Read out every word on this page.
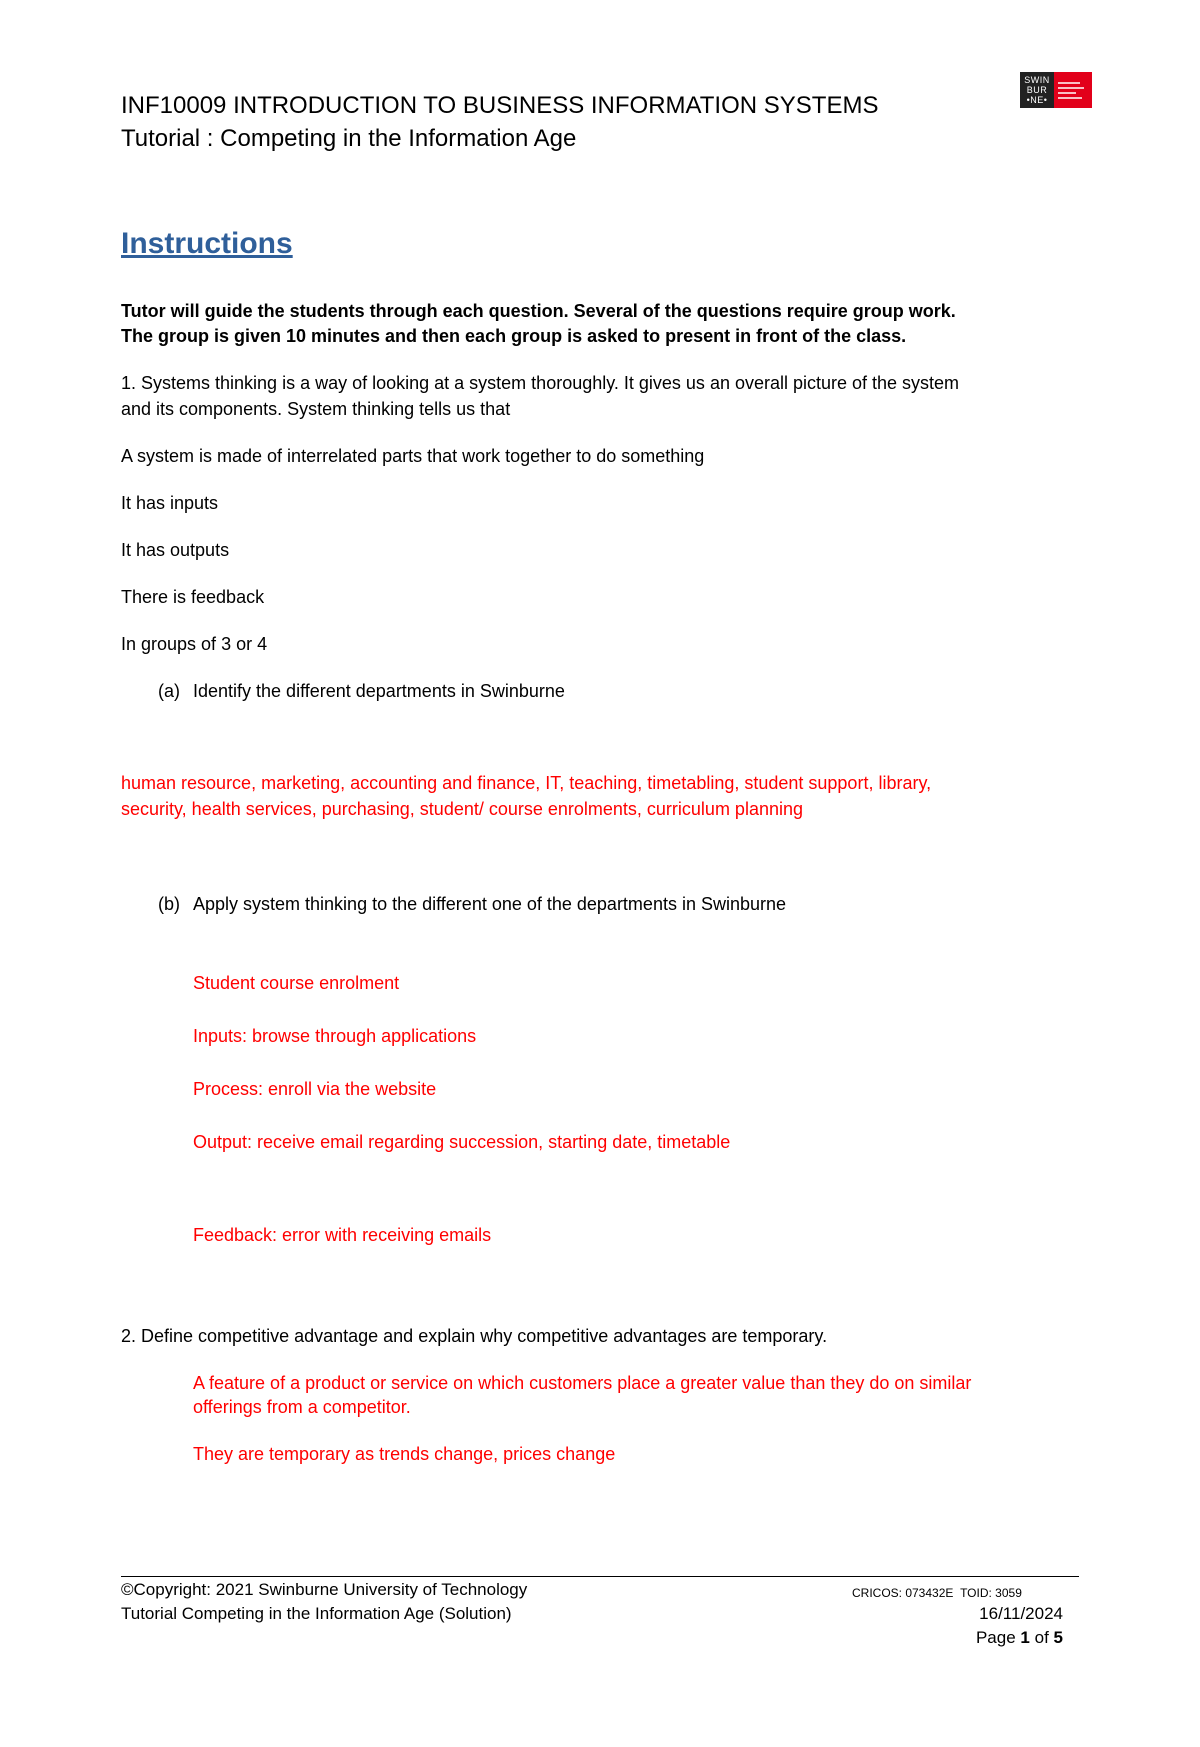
INF10009 INTRODUCTION TO BUSINESS INFORMATION SYSTEMS
Tutorial : Competing in the Information Age
SWIN
BUR
•NE•
Instructions
Tutor will guide the students through each question. Several of the questions require group work.
The group is given 10 minutes and then each group is asked to present in front of the class.
1. Systems thinking is a way of looking at a system thoroughly. It gives us an overall picture of the system
and its components. System thinking tells us that
A system is made of interrelated parts that work together to do something
It has inputs
It has outputs
There is feedback
In groups of 3 or 4
(a) Identify the different departments in Swinburne
human resource, marketing, accounting and finance, IT, teaching, timetabling, student support, library,
security, health services, purchasing, student/ course enrolments, curriculum planning
(b) Apply system thinking to the different one of the departments in Swinburne
Student course enrolment
Inputs: browse through applications
Process: enroll via the website
Output: receive email regarding succession, starting date, timetable
Feedback: error with receiving emails
2. Define competitive advantage and explain why competitive advantages are temporary.
A feature of a product or service on which customers place a greater value than they do on similar
offerings from a competitor.
They are temporary as trends change, prices change
©Copyright: 2021 Swinburne University of Technology
Tutorial Competing in the Information Age (Solution)
CRICOS: 073432E TOID: 3059
16/11/2024
Page 1 of 5
